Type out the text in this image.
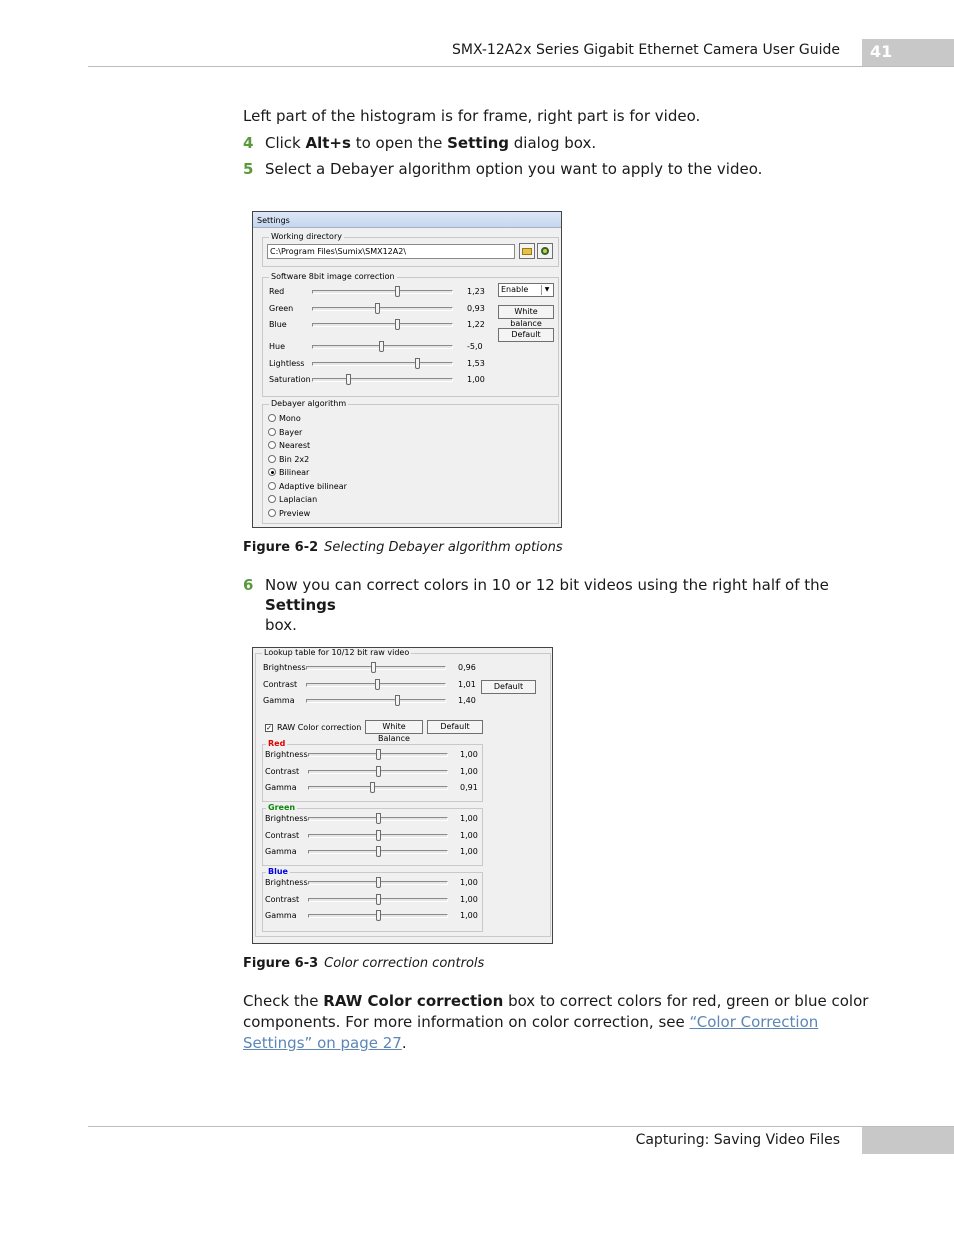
SMX-12A2x Series Gigabit Ethernet Camera User Guide	41
Left part of the histogram is for frame, right part is for video.
4 Click Alt+s to open the Setting dialog box.
5 Select a Debayer algorithm option you want to apply to the video.
Settings
Working directory
C:\Program Files\Sumix\SMX12A2\
Software 8bit image correction
Red	1,23
Green	0,93
Blue	1,22
Hue	-5,0
Lightless	1,53
Saturation	1,00
Enable	▼
White balance
Default
Debayer algorithm
Mono
Bayer
Nearest
Bin 2x2
Bilinear
Adaptive bilinear
Laplacian
Preview
Figure 6-2 Selecting Debayer algorithm options
6 Now you can correct colors in 10 or 12 bit videos using the right half of the Settings
box.
Lookup table for 10/12 bit raw video
Brightness	0,96
Contrast	1,01
Gamma	1,40
Default
✓ RAW Color correction	White Balance
Default
Red
Brightness	1,00
Contrast	1,00
Gamma	0,91
Green
Brightness	1,00
Contrast	1,00
Gamma	1,00
Blue
Brightness	1,00
Contrast	1,00
Gamma	1,00
Figure 6-3 Color correction controls
Check the RAW Color correction box to correct colors for red, green or blue color components. For more information on color correction, see “Color Correction Settings” on page 27.
Capturing: Saving Video Files
